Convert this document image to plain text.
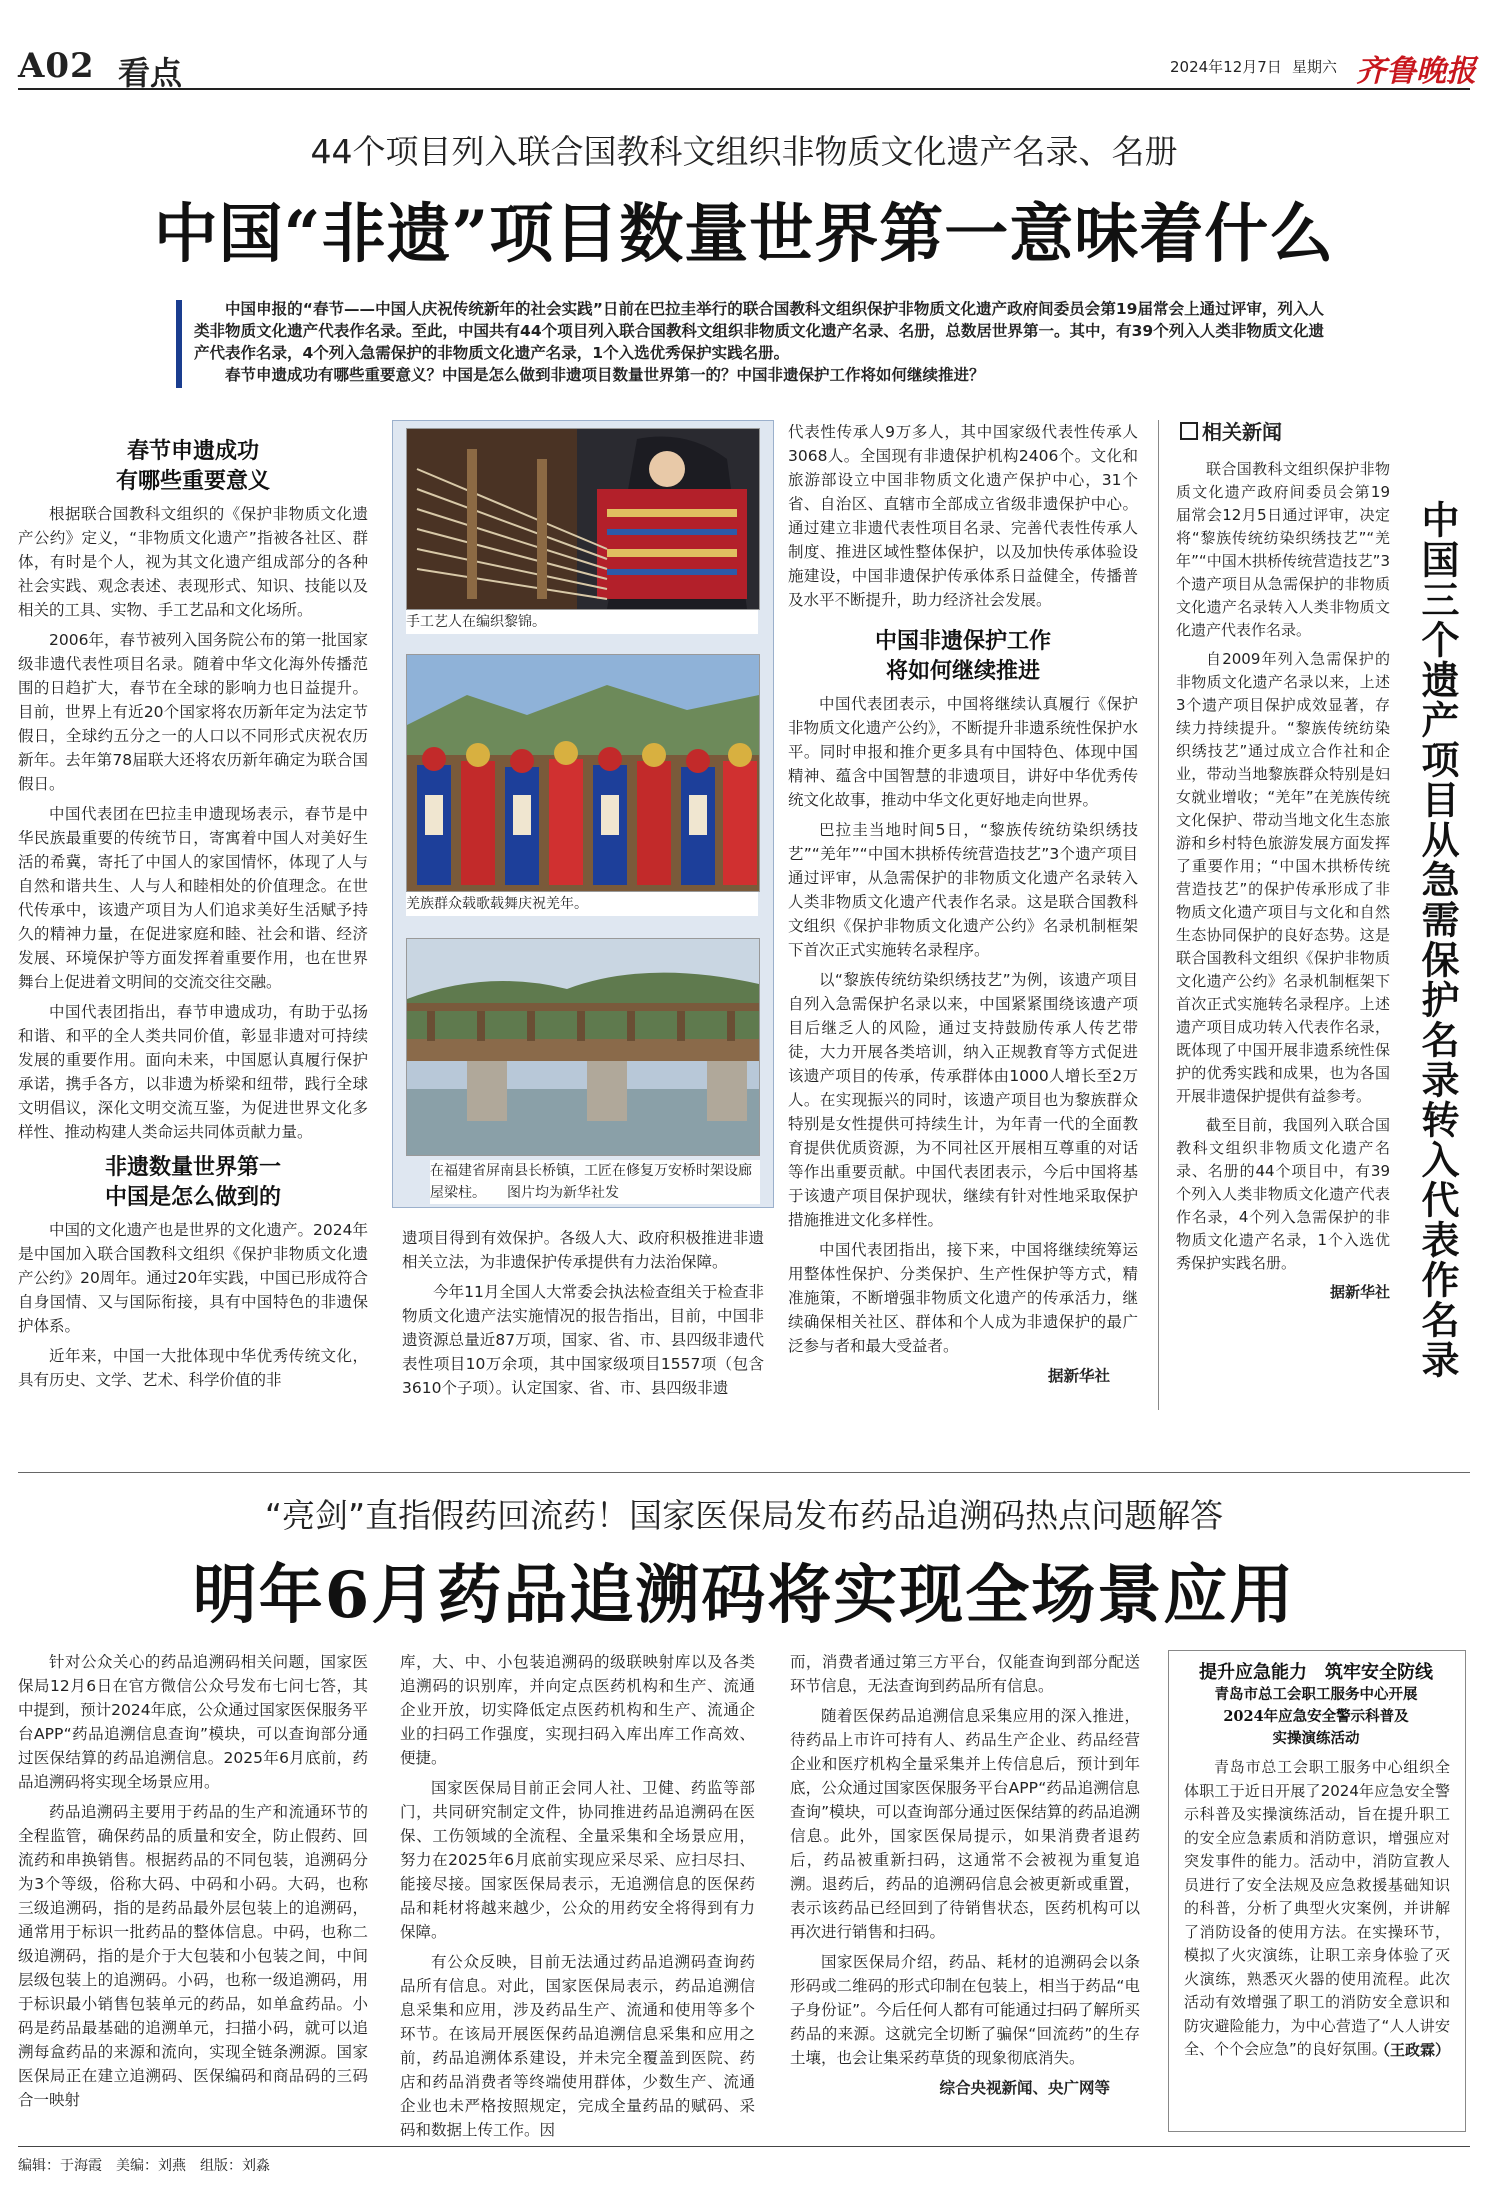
A02 看点	2024年12月7日 星期六 齐鲁晚报
44个项目列入联合国教科文组织非物质文化遗产名录、名册
中国“非遗”项目数量世界第一意味着什么
中国申报的“春节——中国人庆祝传统新年的社会实践”日前在巴拉圭举行的联合国教科文组织保护非物质文化遗产政府间委员会第19届常会上通过评审，列入人类非物质文化遗产代表作名录。至此，中国共有44个项目列入联合国教科文组织非物质文化遗产名录、名册，总数居世界第一。其中，有39个列入人类非物质文化遗产代表作名录，4个列入急需保护的非物质文化遗产名录，1个入选优秀保护实践名册。
春节申遗成功有哪些重要意义？中国是怎么做到非遗项目数量世界第一的？中国非遗保护工作将如何继续推进？
春节申遗成功
有哪些重要意义

根据联合国教科文组织的《保护非物质文化遗产公约》定义，“非物质文化遗产”指被各社区、群体，有时是个人，视为其文化遗产组成部分的各种社会实践、观念表述、表现形式、知识、技能以及相关的工具、实物、手工艺品和文化场所。

2006年，春节被列入国务院公布的第一批国家级非遗代表性项目名录。随着中华文化海外传播范围的日趋扩大，春节在全球的影响力也日益提升。目前，世界上有近20个国家将农历新年定为法定节假日，全球约五分之一的人口以不同形式庆祝农历新年。去年第78届联大还将农历新年确定为联合国假日。

中国代表团在巴拉圭申遗现场表示，春节是中华民族最重要的传统节日，寄寓着中国人对美好生活的希冀，寄托了中国人的家国情怀，体现了人与自然和谐共生、人与人和睦相处的价值理念。在世代传承中，该遗产项目为人们追求美好生活赋予持久的精神力量，在促进家庭和睦、社会和谐、经济发展、环境保护等方面发挥着重要作用，也在世界舞台上促进着文明间的交流交往交融。

中国代表团指出，春节申遗成功，有助于弘扬和谐、和平的全人类共同价值，彰显非遗对可持续发展的重要作用。面向未来，中国愿认真履行保护承诺，携手各方，以非遗为桥梁和纽带，践行全球文明倡议，深化文明交流互鉴，为促进世界文化多样性、推动构建人类命运共同体贡献力量。

非遗数量世界第一
中国是怎么做到的

中国的文化遗产也是世界的文化遗产。2024年是中国加入联合国教科文组织《保护非物质文化遗产公约》20周年。通过20年实践，中国已形成符合自身国情、又与国际衔接，具有中国特色的非遗保护体系。

近年来，中国一大批体现中华优秀传统文化，具有历史、文学、艺术、科学价值的非

手工艺人在编织黎锦。
羌族群众载歌载舞庆祝羌年。
在福建省屏南县长桥镇，工匠在修复万安桥时架设廊屋梁柱。　　图片均为新华社发

遗项目得到有效保护。各级人大、政府积极推进非遗相关立法，为非遗保护传承提供有力法治保障。

今年11月全国人大常委会执法检查组关于检查非物质文化遗产法实施情况的报告指出，目前，中国非遗资源总量近87万项，国家、省、市、县四级非遗代表性项目10万余项，其中国家级项目1557项（包含3610个子项）。认定国家、省、市、县四级非遗

代表性传承人9万多人，其中国家级代表性传承人3068人。全国现有非遗保护机构2406个。文化和旅游部设立中国非物质文化遗产保护中心，31个省、自治区、直辖市全部成立省级非遗保护中心。通过建立非遗代表性项目名录、完善代表性传承人制度、推进区域性整体保护，以及加快传承体验设施建设，中国非遗保护传承体系日益健全，传播普及水平不断提升，助力经济社会发展。

中国非遗保护工作
将如何继续推进

中国代表团表示，中国将继续认真履行《保护非物质文化遗产公约》，不断提升非遗系统性保护水平。同时申报和推介更多具有中国特色、体现中国精神、蕴含中国智慧的非遗项目，讲好中华优秀传统文化故事，推动中华文化更好地走向世界。

巴拉圭当地时间5日，“黎族传统纺染织绣技艺”“羌年”“中国木拱桥传统营造技艺”3个遗产项目通过评审，从急需保护的非物质文化遗产名录转入人类非物质文化遗产代表作名录。这是联合国教科文组织《保护非物质文化遗产公约》名录机制框架下首次正式实施转名录程序。

以“黎族传统纺染织绣技艺”为例，该遗产项目自列入急需保护名录以来，中国紧紧围绕该遗产项目后继乏人的风险，通过支持鼓励传承人传艺带徒，大力开展各类培训，纳入正规教育等方式促进该遗产项目的传承，传承群体由1000人增长至2万人。在实现振兴的同时，该遗产项目也为黎族群众特别是女性提供可持续生计，为年青一代的全面教育提供优质资源，为不同社区开展相互尊重的对话等作出重要贡献。中国代表团表示，今后中国将基于该遗产项目保护现状，继续有针对性地采取保护措施推进文化多样性。

中国代表团指出，接下来，中国将继续统筹运用整体性保护、分类保护、生产性保护等方式，精准施策，不断增强非物质文化遗产的传承活力，继续确保相关社区、群体和个人成为非遗保护的最广泛参与者和最大受益者。

据新华社
相关新闻

联合国教科文组织保护非物质文化遗产政府间委员会第19届常会12月5日通过评审，决定将“黎族传统纺染织绣技艺”“羌年”“中国木拱桥传统营造技艺”3个遗产项目从急需保护的非物质文化遗产名录转入人类非物质文化遗产代表作名录。

自2009年列入急需保护的非物质文化遗产名录以来，上述3个遗产项目保护成效显著，存续力持续提升。“黎族传统纺染织绣技艺”通过成立合作社和企业，带动当地黎族群众特别是妇女就业增收；“羌年”在羌族传统文化保护、带动当地文化生态旅游和乡村特色旅游发展方面发挥了重要作用；“中国木拱桥传统营造技艺”的保护传承形成了非物质文化遗产项目与文化和自然生态协同保护的良好态势。这是联合国教科文组织《保护非物质文化遗产公约》名录机制框架下首次正式实施转名录程序。上述遗产项目成功转入代表作名录，既体现了中国开展非遗系统性保护的优秀实践和成果，也为各国开展非遗保护提供有益参考。

截至目前，我国列入联合国教科文组织非物质文化遗产名录、名册的44个项目中，有39个列入人类非物质文化遗产代表作名录，4个列入急需保护的非物质文化遗产名录，1个入选优秀保护实践名册。

据新华社 中国三个遗产项目从急需保护名录转入代表作名录
“亮剑”直指假药回流药！国家医保局发布药品追溯码热点问题解答
明年6月药品追溯码将实现全场景应用

针对公众关心的药品追溯码相关问题，国家医保局12月6日在官方微信公众号发布七问七答，其中提到，预计2024年底，公众通过国家医保服务平台APP“药品追溯信息查询”模块，可以查询部分通过医保结算的药品追溯信息。2025年6月底前，药品追溯码将实现全场景应用。

药品追溯码主要用于药品的生产和流通环节的全程监管，确保药品的质量和安全，防止假药、回流药和串换销售。根据药品的不同包装，追溯码分为3个等级，俗称大码、中码和小码。大码，也称三级追溯码，指的是药品最外层包装上的追溯码，通常用于标识一批药品的整体信息。中码，也称二级追溯码，指的是介于大包装和小包装之间，中间层级包装上的追溯码。小码，也称一级追溯码，用于标识最小销售包装单元的药品，如单盒药品。小码是药品最基础的追溯单元，扫描小码，就可以追溯每盒药品的来源和流向，实现全链条溯源。国家医保局正在建立追溯码、医保编码和商品码的三码合一映射

库，大、中、小包装追溯码的级联映射库以及各类追溯码的识别库，并向定点医药机构和生产、流通企业开放，切实降低定点医药机构和生产、流通企业的扫码工作强度，实现扫码入库出库工作高效、便捷。

国家医保局目前正会同人社、卫健、药监等部门，共同研究制定文件，协同推进药品追溯码在医保、工伤领域的全流程、全量采集和全场景应用，努力在2025年6月底前实现应采尽采、应扫尽扫、能接尽接。国家医保局表示，无追溯信息的医保药品和耗材将越来越少，公众的用药安全将得到有力保障。

有公众反映，目前无法通过药品追溯码查询药品所有信息。对此，国家医保局表示，药品追溯信息采集和应用，涉及药品生产、流通和使用等多个环节。在该局开展医保药品追溯信息采集和应用之前，药品追溯体系建设，并未完全覆盖到医院、药店和药品消费者等终端使用群体，少数生产、流通企业也未严格按照规定，完成全量药品的赋码、采码和数据上传工作。因

而，消费者通过第三方平台，仅能查询到部分配送环节信息，无法查询到药品所有信息。

随着医保药品追溯信息采集应用的深入推进，待药品上市许可持有人、药品生产企业、药品经营企业和医疗机构全量采集并上传信息后，预计到年底，公众通过国家医保服务平台APP“药品追溯信息查询”模块，可以查询部分通过医保结算的药品追溯信息。此外，国家医保局提示，如果消费者退药后，药品被重新扫码，这通常不会被视为重复追溯。退药后，药品的追溯码信息会被更新或重置，表示该药品已经回到了待销售状态，医药机构可以再次进行销售和扫码。

国家医保局介绍，药品、耗材的追溯码会以条形码或二维码的形式印制在包装上，相当于药品“电子身份证”。今后任何人都有可能通过扫码了解所买药品的来源。这就完全切断了骗保“回流药”的生存土壤，也会让集采药草货的现象彻底消失。

综合央视新闻、央广网等
提升应急能力　筑牢安全防线
青岛市总工会职工服务中心开展
2024年应急安全警示科普及
实操演练活动

青岛市总工会职工服务中心组织全体职工于近日开展了2024年应急安全警示科普及实操演练活动，旨在提升职工的安全应急素质和消防意识，增强应对突发事件的能力。活动中，消防宣教人员进行了安全法规及应急救援基础知识的科普，分析了典型火灾案例，并讲解了消防设备的使用方法。在实操环节，模拟了火灾演练，让职工亲身体验了灭火演练，熟悉灭火器的使用流程。此次活动有效增强了职工的消防安全意识和防灾避险能力，为中心营造了“人人讲安全、个个会应急”的良好氛围。

（王政霖）
编辑：于海霞　美编：刘燕　组版：刘淼
